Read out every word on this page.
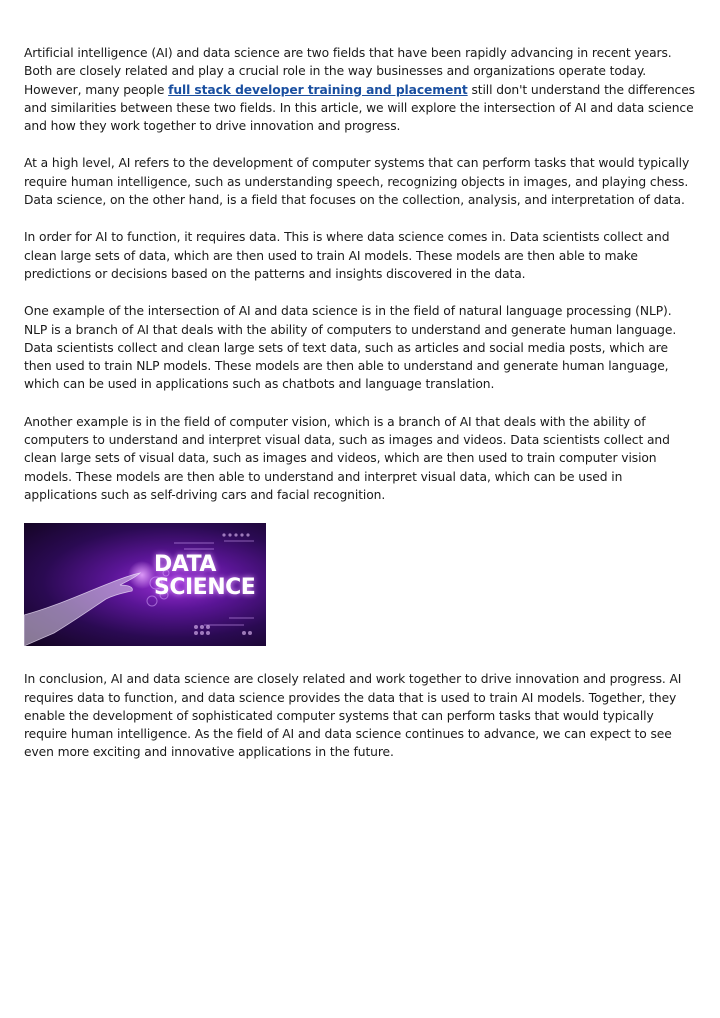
Artificial intelligence (AI) and data science are two fields that have been rapidly advancing in recent years. Both are closely related and play a crucial role in the way businesses and organizations operate today. However, many people full stack developer training and placement still don't understand the differences and similarities between these two fields. In this article, we will explore the intersection of AI and data science and how they work together to drive innovation and progress.

At a high level, AI refers to the development of computer systems that can perform tasks that would typically require human intelligence, such as understanding speech, recognizing objects in images, and playing chess. Data science, on the other hand, is a field that focuses on the collection, analysis, and interpretation of data.

In order for AI to function, it requires data. This is where data science comes in. Data scientists collect and clean large sets of data, which are then used to train AI models. These models are then able to make predictions or decisions based on the patterns and insights discovered in the data.

One example of the intersection of AI and data science is in the field of natural language processing (NLP). NLP is a branch of AI that deals with the ability of computers to understand and generate human language. Data scientists collect and clean large sets of text data, such as articles and social media posts, which are then used to train NLP models. These models are then able to understand and generate human language, which can be used in applications such as chatbots and language translation.

Another example is in the field of computer vision, which is a branch of AI that deals with the ability of computers to understand and interpret visual data, such as images and videos. Data scientists collect and clean large sets of visual data, such as images and videos, which are then used to train computer vision models. These models are then able to understand and interpret visual data, which can be used in applications such as self-driving cars and facial recognition.

DATA
SCIENCE

In conclusion, AI and data science are closely related and work together to drive innovation and progress. AI requires data to function, and data science provides the data that is used to train AI models. Together, they enable the development of sophisticated computer systems that can perform tasks that would typically require human intelligence. As the field of AI and data science continues to advance, we can expect to see even more exciting and innovative applications in the future.
